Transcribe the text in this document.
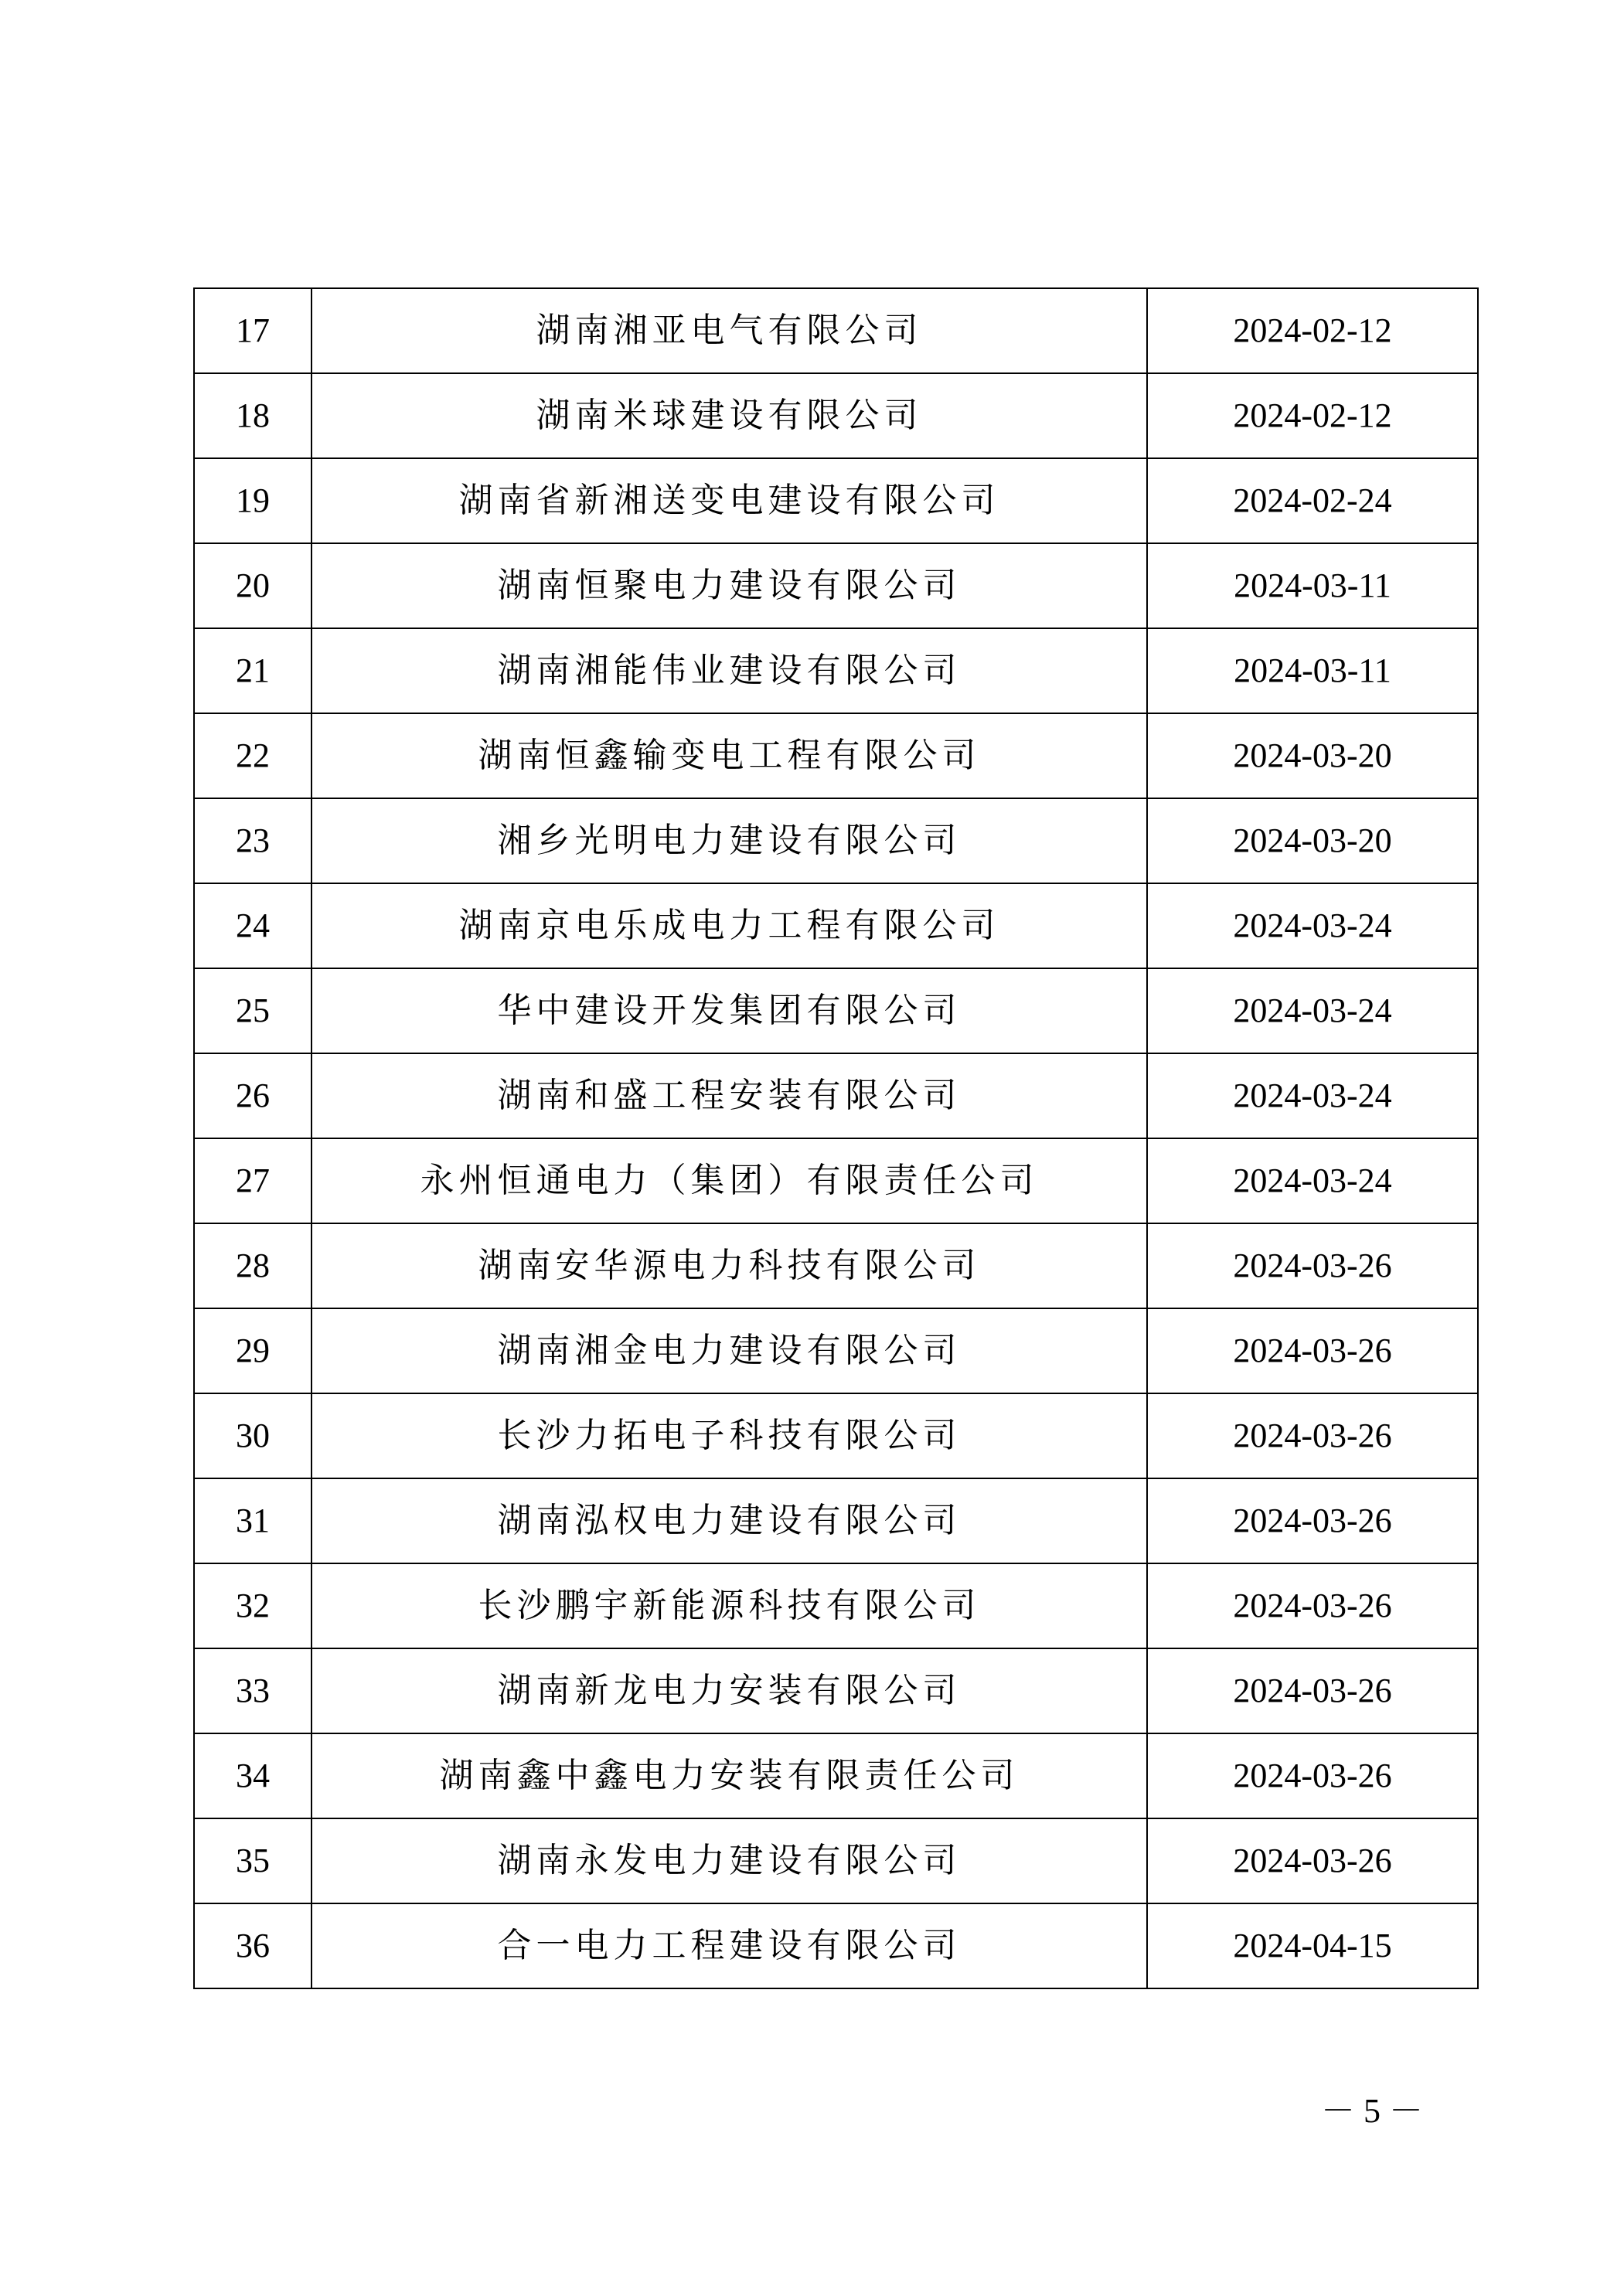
17	湖南湘亚电气有限公司	2024-02-12
18	湖南米球建设有限公司	2024-02-12
19	湖南省新湘送变电建设有限公司	2024-02-24
20	湖南恒聚电力建设有限公司	2024-03-11
21	湖南湘能伟业建设有限公司	2024-03-11
22	湖南恒鑫输变电工程有限公司	2024-03-20
23	湘乡光明电力建设有限公司	2024-03-20
24	湖南京电乐成电力工程有限公司	2024-03-24
25	华中建设开发集团有限公司	2024-03-24
26	湖南和盛工程安装有限公司	2024-03-24
27	永州恒通电力（集团）有限责任公司	2024-03-24
28	湖南安华源电力科技有限公司	2024-03-26
29	湖南湘金电力建设有限公司	2024-03-26
30	长沙力拓电子科技有限公司	2024-03-26
31	湖南泓权电力建设有限公司	2024-03-26
32	长沙鹏宇新能源科技有限公司	2024-03-26
33	湖南新龙电力安装有限公司	2024-03-26
34	湖南鑫中鑫电力安装有限责任公司	2024-03-26
35	湖南永发电力建设有限公司	2024-03-26
36	合一电力工程建设有限公司	2024-04-15
－ 5 －
